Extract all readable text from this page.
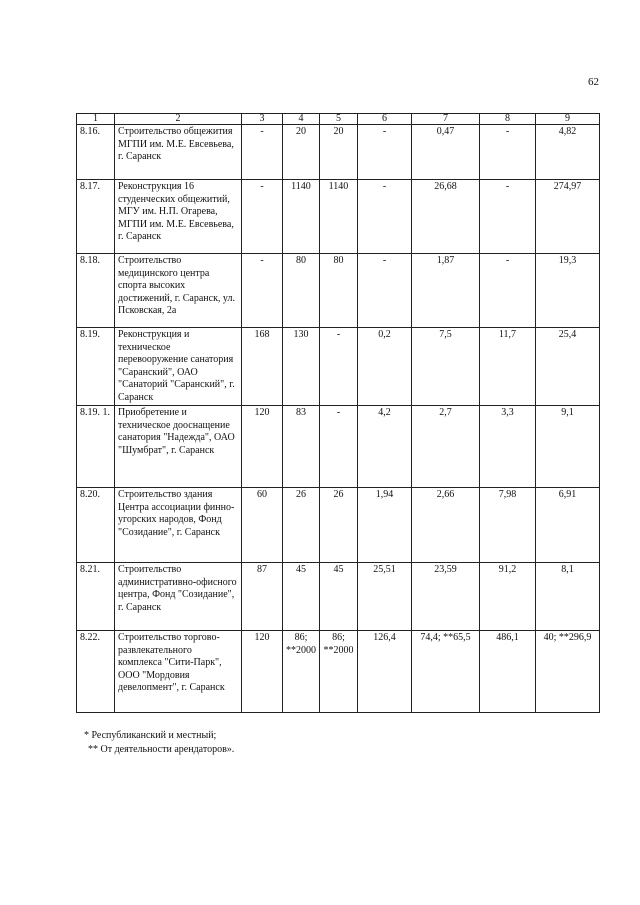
62
1	2	3	4	5	6	7	8	9
8.16.	Строительство общежития МГПИ им. М.Е. Евсевьева, г. Саранск	-	20	20	-	0,47	-	4,82
8.17.	Реконструкция 16 студенческих общежитий, МГУ им. Н.П. Огарева, МГПИ им. М.Е. Евсевьева, г. Саранск	-	1140	1140	-	26,68	-	274,97
8.18.	Строительство медицинского центра спорта высоких достижений, г. Саранск, ул. Псковская, 2а	-	80	80	-	1,87	-	19,3
8.19.	Реконструкция и техническое перевооружение санатория "Саранский", ОАО "Санаторий "Саранский", г. Саранск	168	130	-	0,2	7,5	11,7	25,4
8.19. 1.	Приобретение и техническое дооснащение санатория "Надежда", ОАО "Шумбрат", г. Саранск	120	83	-	4,2	2,7	3,3	9,1
8.20.	Строительство здания Центра ассоциации финно-угорских народов, Фонд "Созидание", г. Саранск	60	26	26	1,94	2,66	7,98	6,91
8.21.	Строительство административно-офисного центра, Фонд "Созидание", г. Саранск	87	45	45	25,51	23,59	91,2	8,1
8.22.	Строительство торгово-развлекательного комплекса "Сити-Парк", ООО "Мордовия девелопмент", г. Саранск	120	86; **2000	86; **2000	126,4	74,4; **65,5	486,1	40; **296,9
* Республиканский и местный;
** От деятельности арендаторов».
